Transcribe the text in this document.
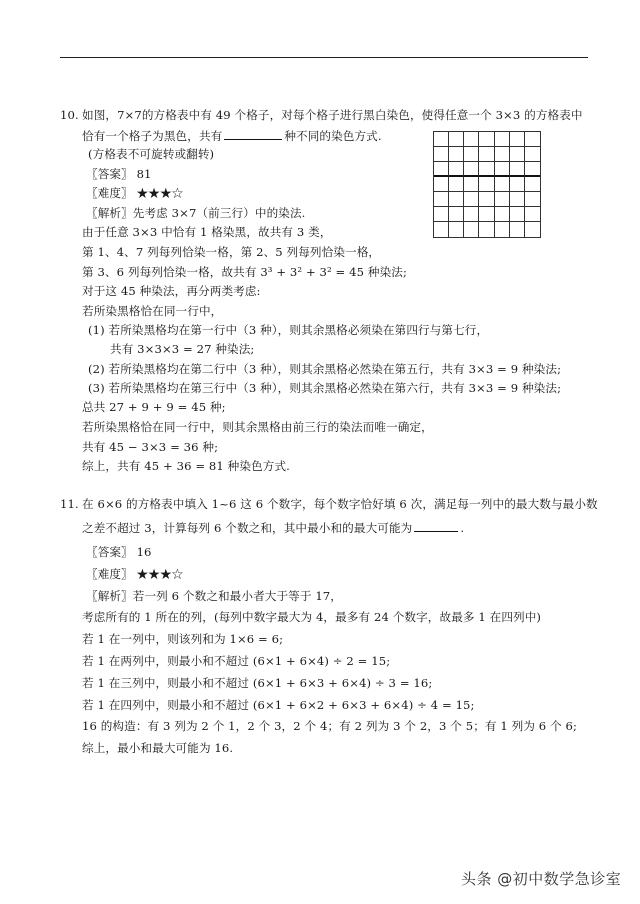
10. 如图，7×7的方格表中有 49 个格子，对每个格子进行黑白染色，使得任意一个 3×3 的方格表中
恰有一个格子为黑色，共有	种不同的染色方式.
(方格表不可旋转或翻转)
〖答案〗 81
〖难度〗 ★★★☆
〖解析〗先考虑 3×7（前三行）中的染法.
由于任意 3×3 中恰有 1 格染黑，故共有 3 类，
第 1、4、7 列每列恰染一格，第 2、5 列每列恰染一格，
第 3、6 列每列恰染一格，故共有 3³ + 3² + 3² = 45 种染法;
对于这 45 种染法，再分两类考虑:
若所染黑格恰在同一行中，
(1) 若所染黑格均在第一行中（3 种），则其余黑格必须染在第四行与第七行，
共有 3×3×3 = 27 种染法;
(2) 若所染黑格均在第二行中（3 种），则其余黑格必然染在第五行，共有 3×3 = 9 种染法;
(3) 若所染黑格均在第三行中（3 种），则其余黑格必然染在第六行，共有 3×3 = 9 种染法;
总共 27 + 9 + 9 = 45 种;
若所染黑格恰在同一行中，则其余黑格由前三行的染法而唯一确定，
共有 45 − 3×3 = 36 种;
综上，共有 45 + 36 = 81 种染色方式.
11. 在 6×6 的方格表中填入 1~6 这 6 个数字，每个数字恰好填 6 次，满足每一列中的最大数与最小数
之差不超过 3，计算每列 6 个数之和，其中最小和的最大可能为	.
〖答案〗 16
〖难度〗 ★★★☆
〖解析〗若一列 6 个数之和最小者大于等于 17，
考虑所有的 1 所在的列，(每列中数字最大为 4，最多有 24 个数字，故最多 1 在四列中)
若 1 在一列中，则该列和为 1×6 = 6;
若 1 在两列中，则最小和不超过 (6×1 + 6×4) ÷ 2 = 15;
若 1 在三列中，则最小和不超过 (6×1 + 6×3 + 6×4) ÷ 3 = 16;
若 1 在四列中，则最小和不超过 (6×1 + 6×2 + 6×3 + 6×4) ÷ 4 = 15;
16 的构造：有 3 列为 2 个 1，2 个 3，2 个 4；有 2 列为 3 个 2，3 个 5；有 1 列为 6 个 6;
综上，最小和最大可能为 16.
头条 @初中数学急诊室
